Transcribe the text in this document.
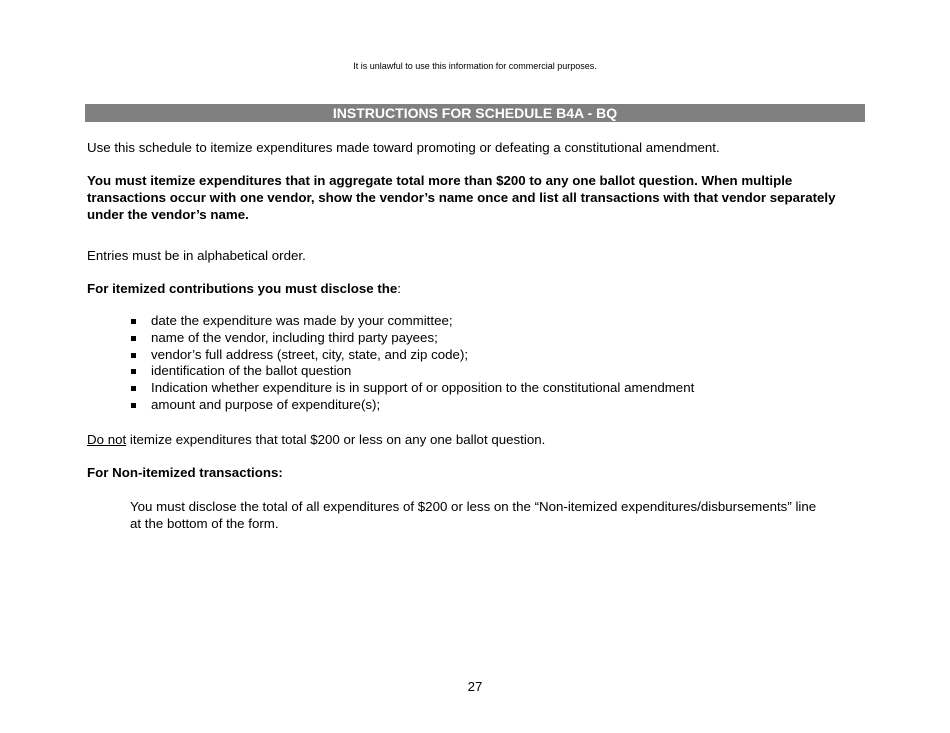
It is unlawful to use this information for commercial purposes.
INSTRUCTIONS FOR SCHEDULE B4A - BQ

Use this schedule to itemize expenditures made toward promoting or defeating a constitutional amendment.

You must itemize expenditures that in aggregate total more than $200 to any one ballot question. When multiple transactions occur with one vendor, show the vendor’s name once and list all transactions with that vendor separately under the vendor’s name.

Entries must be in alphabetical order.

For itemized contributions you must disclose the:

date the expenditure was made by your committee;
name of the vendor, including third party payees;
vendor’s full address (street, city, state, and zip code);
identification of the ballot question
Indication whether expenditure is in support of or opposition to the constitutional amendment
amount and purpose of expenditure(s);

Do not itemize expenditures that total $200 or less on any one ballot question.

For Non-itemized transactions:

You must disclose the total of all expenditures of $200 or less on the “Non-itemized expenditures/disbursements” line at the bottom of the form.

27
